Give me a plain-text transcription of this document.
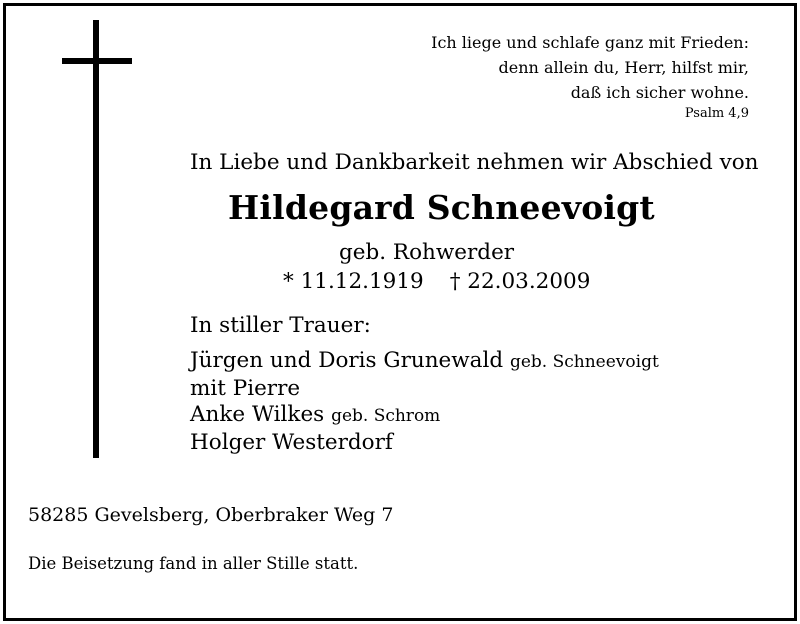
Ich liege und schlafe ganz mit Frieden:
denn allein du, Herr, hilfst mir,
daß ich sicher wohne.
Psalm 4,9
In Liebe und Dankbarkeit nehmen wir Abschied von
Hildegard Schneevoigt
geb. Rohwerder
* 11.12.1919 † 22.03.2009
In stiller Trauer:
Jürgen und Doris Grunewald geb. Schneevoigt
mit Pierre
Anke Wilkes geb. Schrom
Holger Westerdorf
58285 Gevelsberg, Oberbraker Weg 7
Die Beisetzung fand in aller Stille statt.
